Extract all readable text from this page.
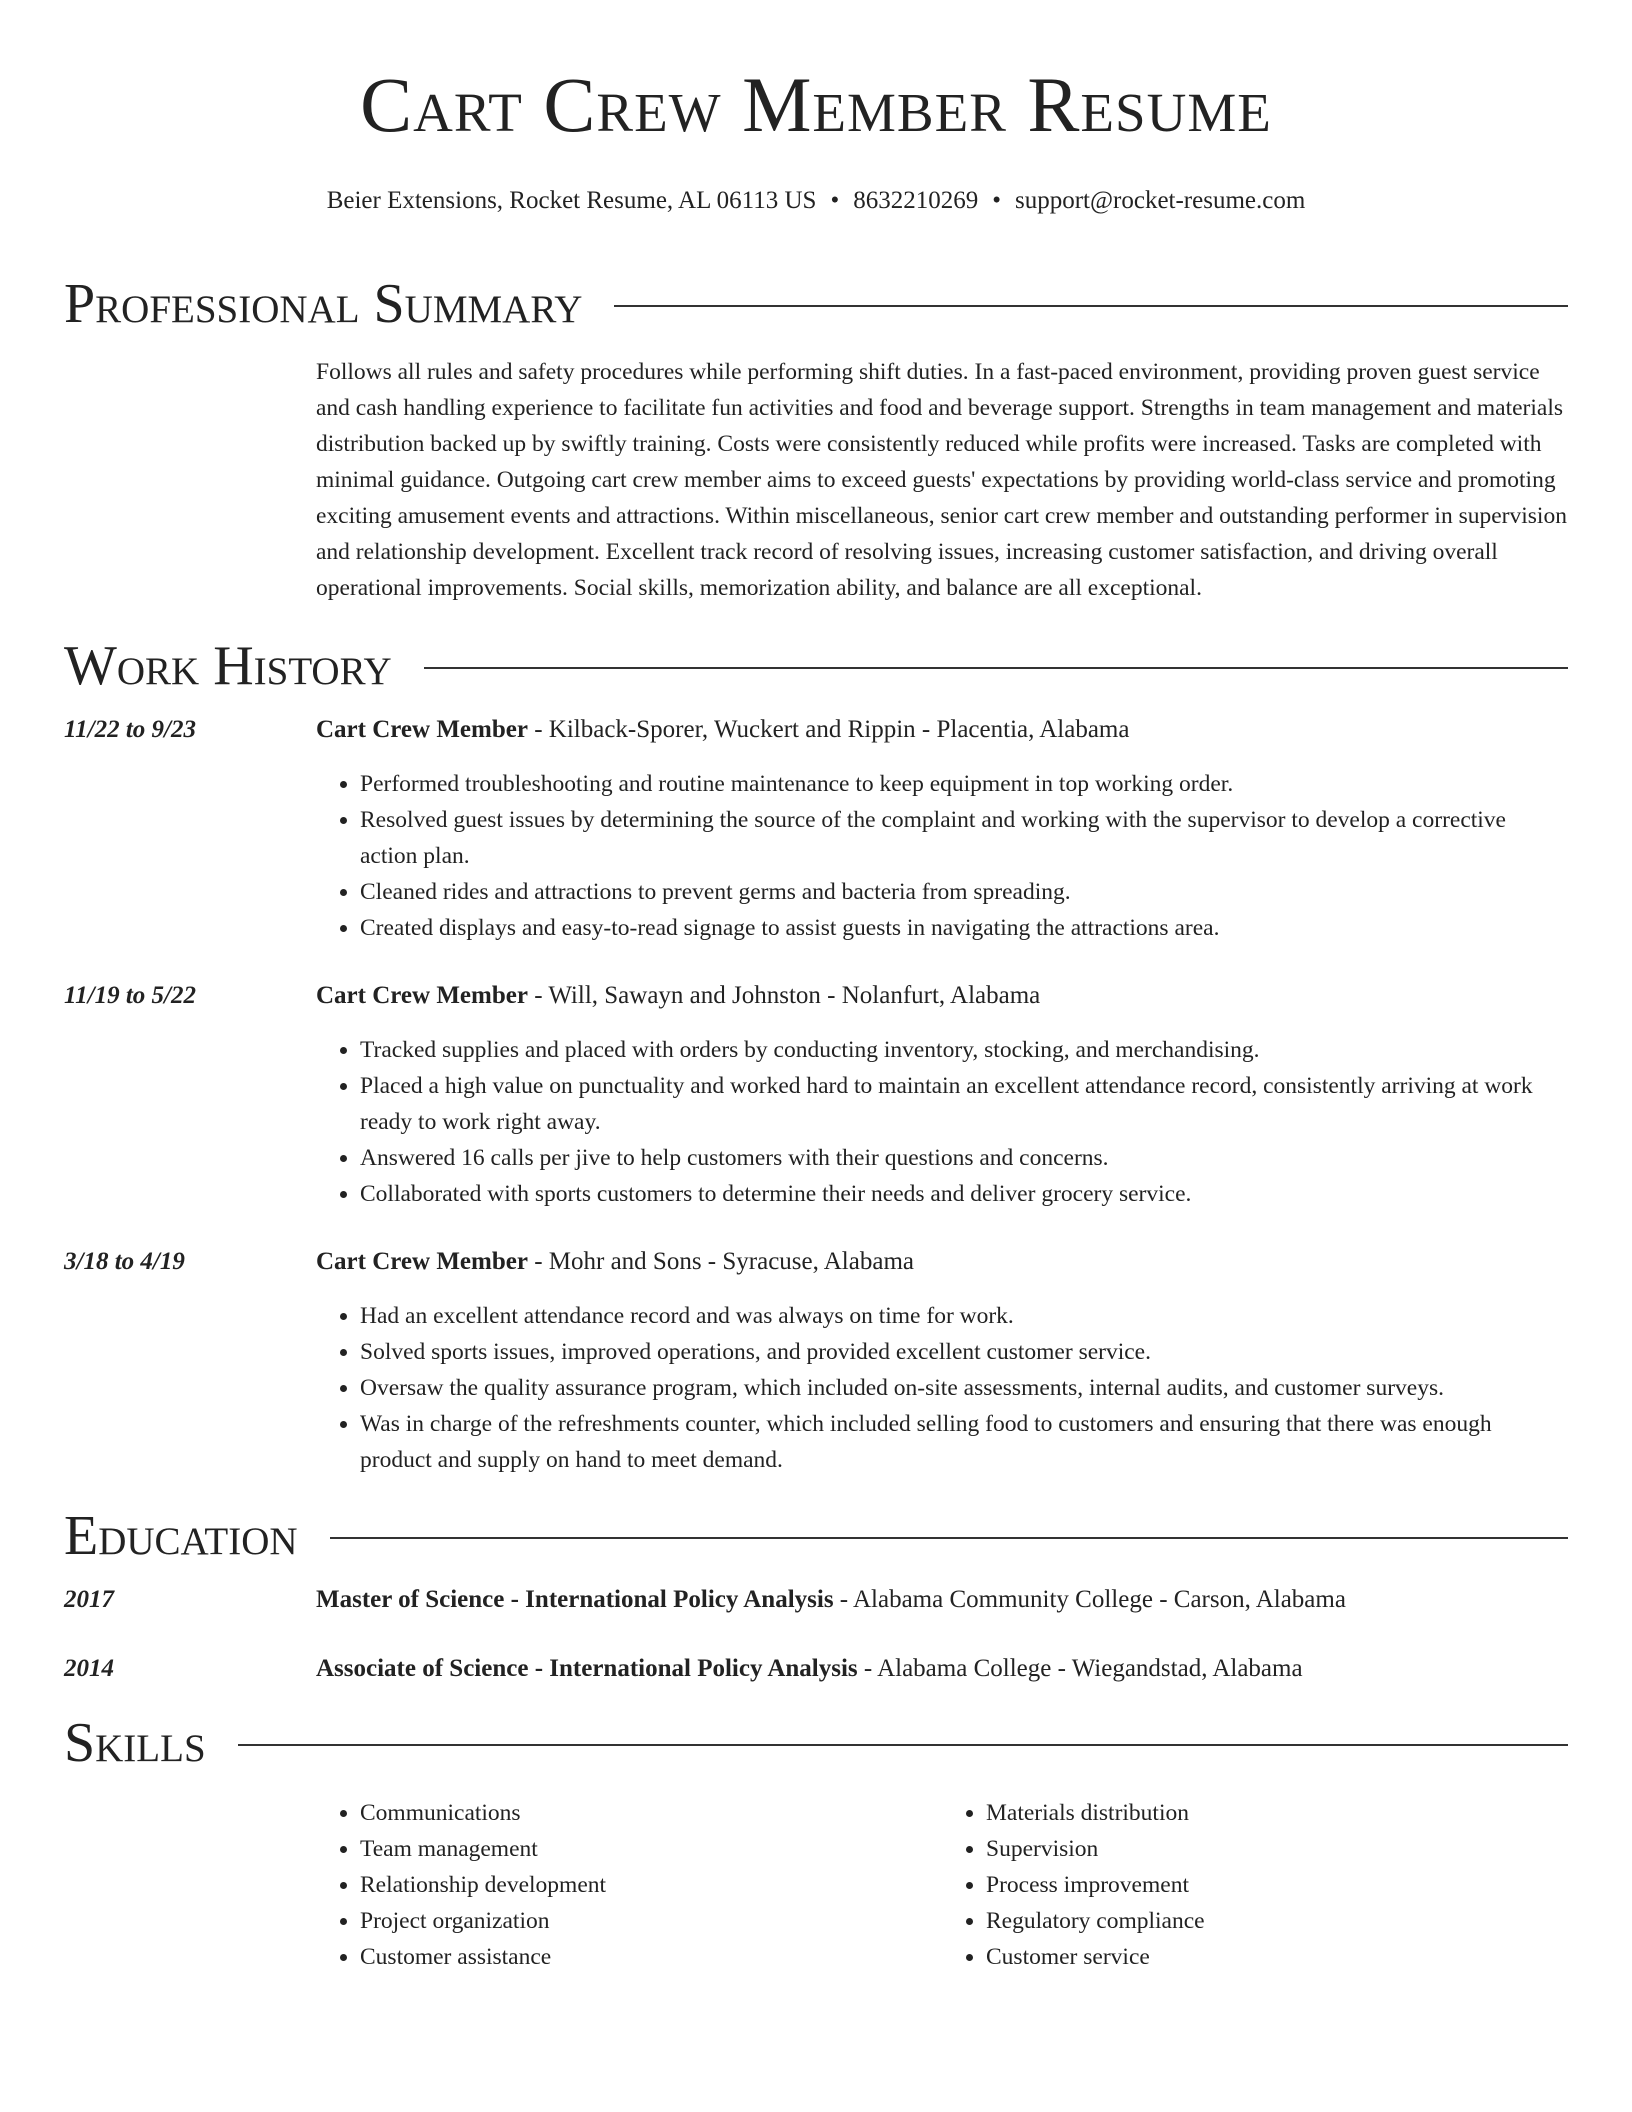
Cart Crew Member Resume
Beier Extensions, Rocket Resume, AL 06113 US • 8632210269 • support@rocket-resume.com
Professional Summary

Follows all rules and safety procedures while performing shift duties. In a fast-paced environment, providing proven guest service and cash handling experience to facilitate fun activities and food and beverage support. Strengths in team management and materials distribution backed up by swiftly training. Costs were consistently reduced while profits were increased. Tasks are completed with minimal guidance. Outgoing cart crew member aims to exceed guests' expectations by providing world-class service and promoting exciting amusement events and attractions. Within miscellaneous, senior cart crew member and outstanding performer in supervision and relationship development. Excellent track record of resolving issues, increasing customer satisfaction, and driving overall operational improvements. Social skills, memorization ability, and balance are all exceptional.

Work History
11/22 to 9/23	Cart Crew Member - Kilback-Sporer, Wuckert and Rippin - Placentia, Alabama
• Performed troubleshooting and routine maintenance to keep equipment in top working order.
• Resolved guest issues by determining the source of the complaint and working with the supervisor to develop a corrective action plan.
• Cleaned rides and attractions to prevent germs and bacteria from spreading.
• Created displays and easy-to-read signage to assist guests in navigating the attractions area.
11/19 to 5/22	Cart Crew Member - Will, Sawayn and Johnston - Nolanfurt, Alabama
• Tracked supplies and placed with orders by conducting inventory, stocking, and merchandising.
• Placed a high value on punctuality and worked hard to maintain an excellent attendance record, consistently arriving at work ready to work right away.
• Answered 16 calls per jive to help customers with their questions and concerns.
• Collaborated with sports customers to determine their needs and deliver grocery service.
3/18 to 4/19	Cart Crew Member - Mohr and Sons - Syracuse, Alabama
• Had an excellent attendance record and was always on time for work.
• Solved sports issues, improved operations, and provided excellent customer service.
• Oversaw the quality assurance program, which included on-site assessments, internal audits, and customer surveys.
• Was in charge of the refreshments counter, which included selling food to customers and ensuring that there was enough product and supply on hand to meet demand.
Education
2017	Master of Science - International Policy Analysis - Alabama Community College - Carson, Alabama
2014	Associate of Science - International Policy Analysis - Alabama College - Wiegandstad, Alabama
Skills
• Communications
• Team management
• Relationship development
• Project organization
• Customer assistance
• Materials distribution
• Supervision
• Process improvement
• Regulatory compliance
• Customer service
